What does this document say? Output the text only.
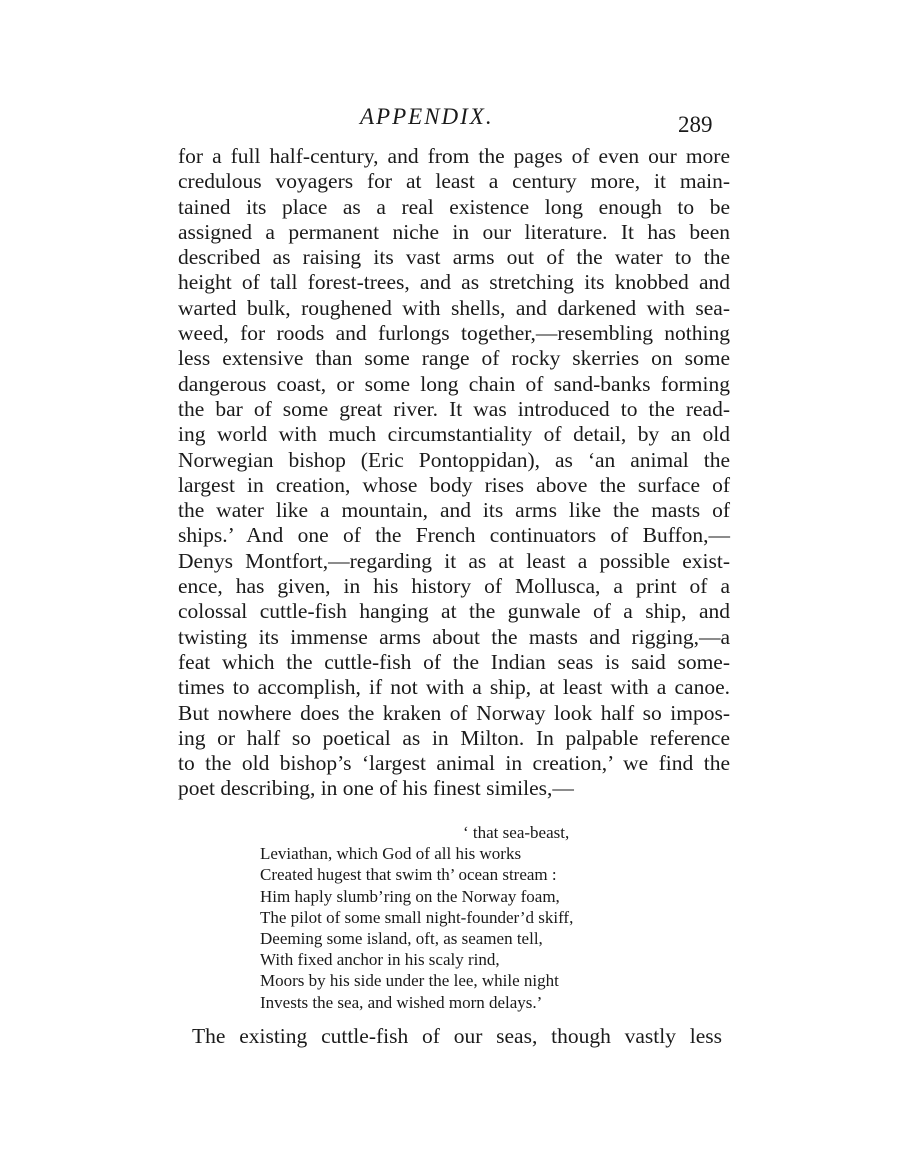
APPENDIX.	289
for a full half-century, and from the pages of even our more
credulous voyagers for at least a century more, it main-
tained its place as a real existence long enough to be
assigned a permanent niche in our literature. It has been
described as raising its vast arms out of the water to the
height of tall forest-trees, and as stretching its knobbed and
warted bulk, roughened with shells, and darkened with sea-
weed, for roods and furlongs together,—resembling nothing
less extensive than some range of rocky skerries on some
dangerous coast, or some long chain of sand-banks forming
the bar of some great river. It was introduced to the read-
ing world with much circumstantiality of detail, by an old
Norwegian bishop (Eric Pontoppidan), as ‘an animal the
largest in creation, whose body rises above the surface of
the water like a mountain, and its arms like the masts of
ships.’ And one of the French continuators of Buffon,—
Denys Montfort,—regarding it as at least a possible exist-
ence, has given, in his history of Mollusca, a print of a
colossal cuttle-fish hanging at the gunwale of a ship, and
twisting its immense arms about the masts and rigging,—a
feat which the cuttle-fish of the Indian seas is said some-
times to accomplish, if not with a ship, at least with a canoe.
But nowhere does the kraken of Norway look half so impos-
ing or half so poetical as in Milton. In palpable reference
to the old bishop’s ‘largest animal in creation,’ we find the
poet describing, in one of his finest similes,—
‘ that sea-beast,
Leviathan, which God of all his works
Created hugest that swim th’ ocean stream :
Him haply slumb’ring on the Norway foam,
The pilot of some small night-founder’d skiff,
Deeming some island, oft, as seamen tell,
With fixed anchor in his scaly rind,
Moors by his side under the lee, while night
Invests the sea, and wished morn delays.’
The existing cuttle-fish of our seas, though vastly less
